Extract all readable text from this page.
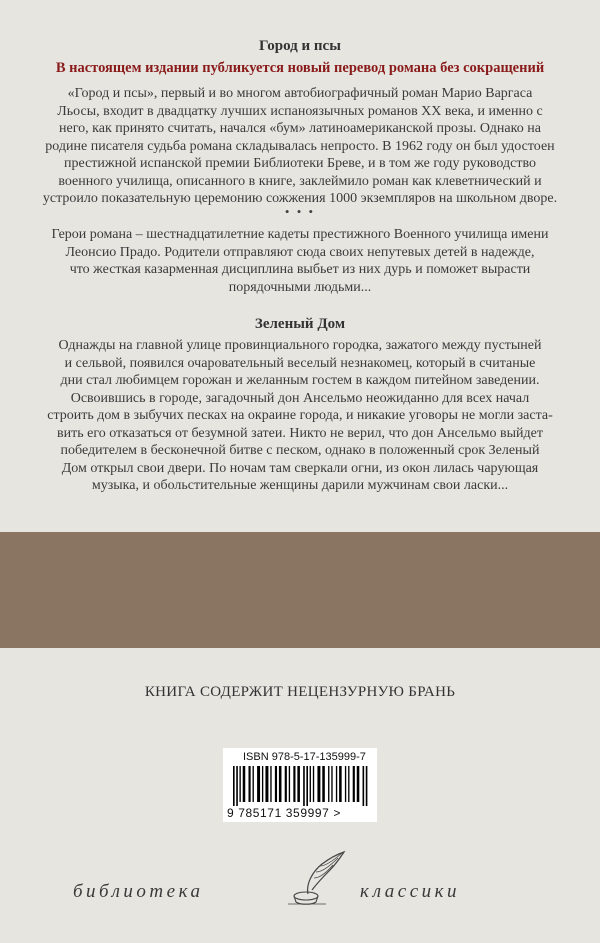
Город и псы
В настоящем издании публикуется новый перевод романа без сокращений
«Город и псы», первый и во многом автобиографичный роман Марио Варгаса
Льосы, входит в двадцатку лучших испаноязычных романов XX века, и именно с
него, как принято считать, начался «бум» латиноамериканской прозы. Однако на
родине писателя судьба романа складывалась непросто. В 1962 году он был удостоен
престижной испанской премии Библиотеки Бреве, и в том же году руководство
военного училища, описанного в книге, заклеймило роман как клеветнический и
устроило показательную церемонию сожжения 1000 экземпляров на школьном дворе.
• • •
Герои романа – шестнадцатилетние кадеты престижного Военного училища имени
Леонсио Прадо. Родители отправляют сюда своих непутевых детей в надежде,
что жесткая казарменная дисциплина выбьет из них дурь и поможет вырасти
порядочными людьми...
Зеленый Дом
Однажды на главной улице провинциального городка, зажатого между пустыней
и сельвой, появился очаровательный веселый незнакомец, который в считаные
дни стал любимцем горожан и желанным гостем в каждом питейном заведении.
Освоившись в городе, загадочный дон Ансельмо неожиданно для всех начал
строить дом в зыбучих песках на окраине города, и никакие уговоры не могли заста-
вить его отказаться от безумной затеи. Никто не верил, что дон Ансельмо выйдет
победителем в бесконечной битве с песком, однако в положенный срок Зеленый
Дом открыл свои двери. По ночам там сверкали огни, из окон лилась чарующая
музыка, и обольстительные женщины дарили мужчинам свои ласки...
КНИГА СОДЕРЖИТ НЕЦЕНЗУРНУЮ БРАНЬ
ISBN 978-5-17-135999-7
9 785171 359997 >
библиотека	классики
